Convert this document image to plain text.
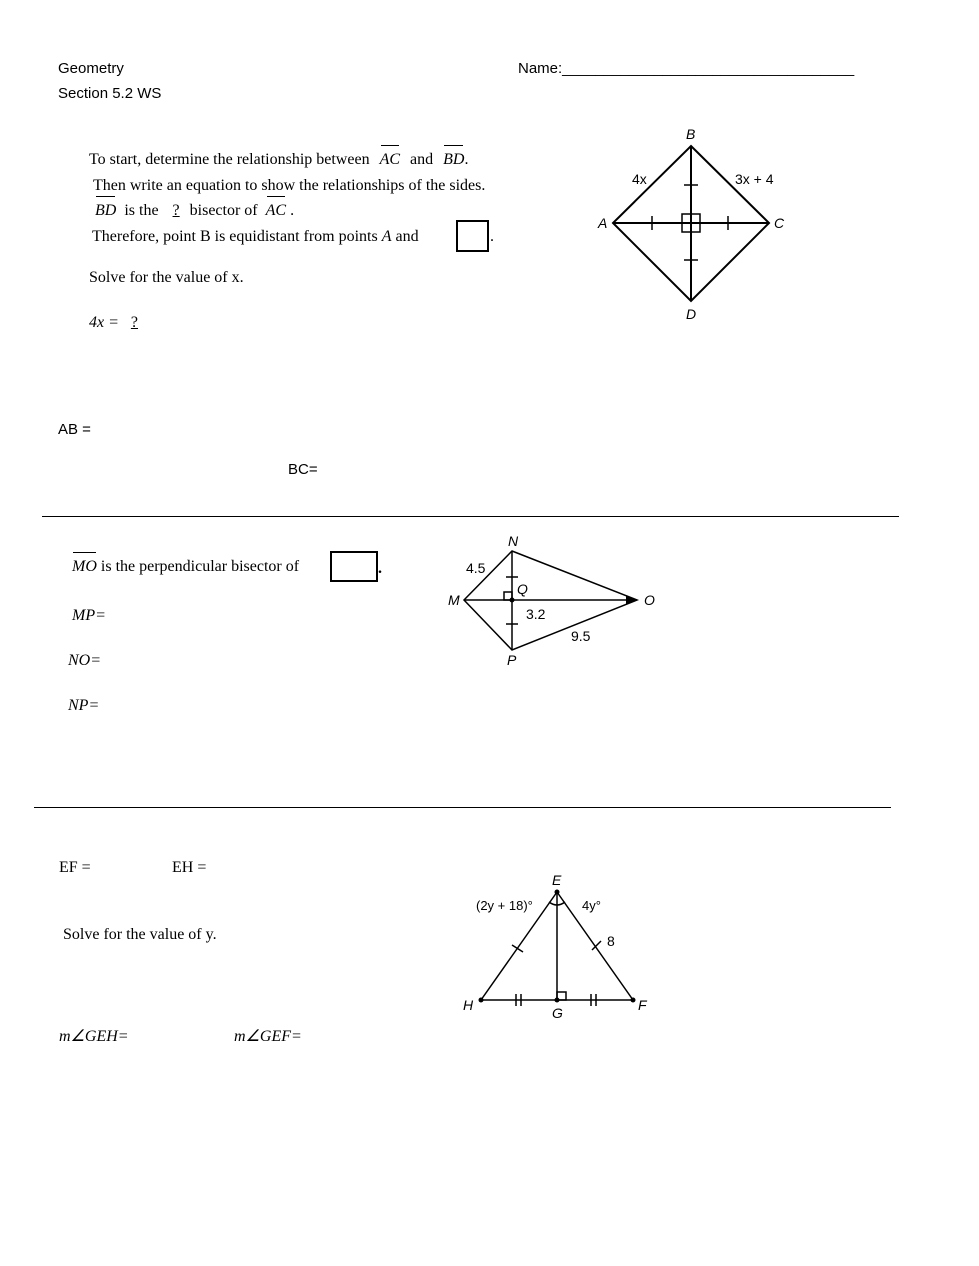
Geometry
Section 5.2 WS
Name:___________________________________
To start, determine the relationship between AC and BD.
Then write an equation to show the relationships of the sides.
BD is the ? bisector of AC .
Therefore, point B is equidistant from points A and	.
Solve for the value of x.
4x = ?
AB =
BC=
B
A	C
D
4x	3x + 4
MO is the perpendicular bisector of	.
MP=
NO=
NP=
N
M
Q
O
P
4.5
3.2
9.5
EF =	EH =
Solve for the value of y.
m∠GEH=	m∠GEF=
E
H	G	F
(2y + 18)°	4y°
8
